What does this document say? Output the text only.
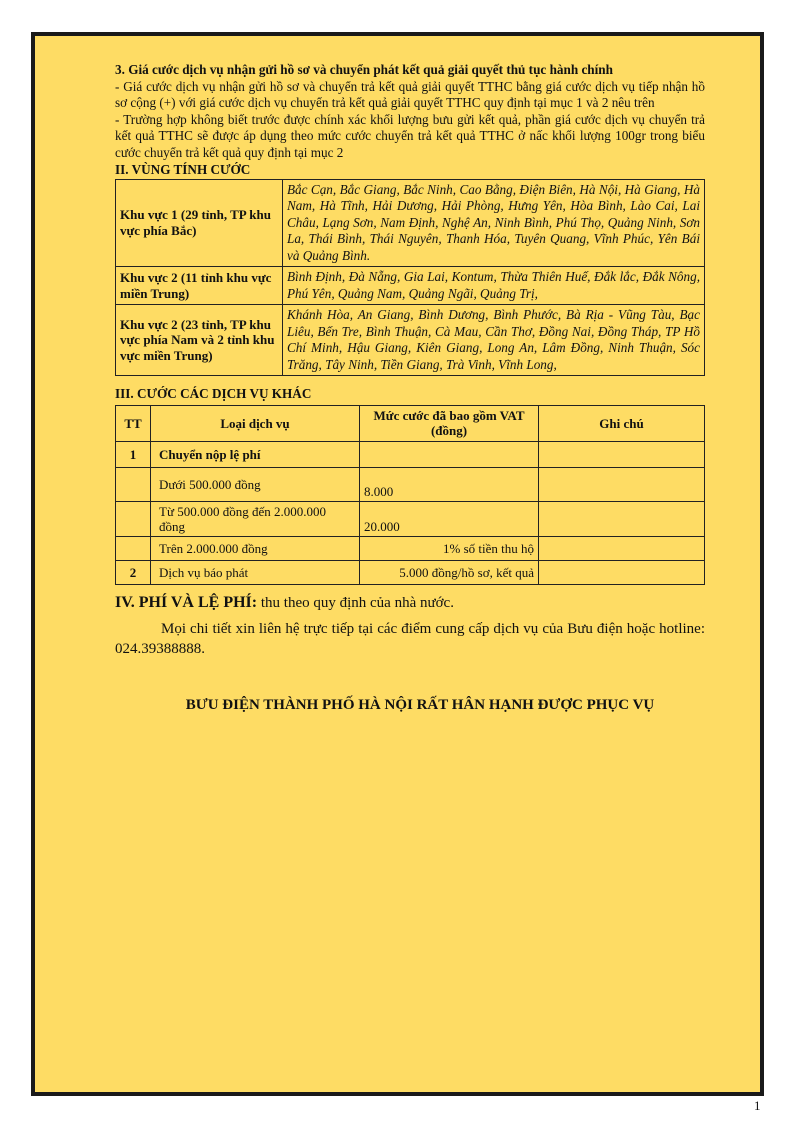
3. Giá cước dịch vụ nhận gửi hồ sơ và chuyển phát kết quả giải quyết thủ tục hành chính

- Giá cước dịch vụ nhận gửi hồ sơ và chuyển trả kết quả giải quyết TTHC bằng giá cước dịch vụ tiếp nhận hồ sơ cộng (+) với giá cước dịch vụ chuyển trả kết quả giải quyết TTHC quy định tại mục 1 và 2 nêu trên

- Trường hợp không biết trước được chính xác khối lượng bưu gửi kết quả, phần giá cước dịch vụ chuyển trả kết quả TTHC sẽ được áp dụng theo mức cước chuyển trả kết quả TTHC ở nấc khối lượng 100gr trong biểu cước chuyển trả kết quả quy định tại mục 2

II. VÙNG TÍNH CƯỚC

Khu vực 1 (29 tỉnh, TP khu vực phía Bắc)	Bắc Cạn, Bắc Giang, Bắc Ninh, Cao Bằng, Điện Biên, Hà Nội, Hà Giang, Hà Nam, Hà Tĩnh, Hải Dương, Hải Phòng, Hưng Yên, Hòa Bình, Lào Cai, Lai Châu, Lạng Sơn, Nam Định, Nghệ An, Ninh Bình, Phú Thọ, Quảng Ninh, Sơn La, Thái Bình, Thái Nguyên, Thanh Hóa, Tuyên Quang, Vĩnh Phúc, Yên Bái và Quảng Bình.
Khu vực 2 (11 tỉnh khu vực miền Trung)	Bình Định, Đà Nẵng, Gia Lai, Kontum, Thừa Thiên Huế, Đắk lắc, Đắk Nông, Phú Yên, Quảng Nam, Quảng Ngãi, Quảng Trị,
Khu vực 2 (23 tỉnh, TP khu vực phía Nam và 2 tỉnh khu vực miền Trung)	Khánh Hòa, An Giang, Bình Dương, Bình Phước, Bà Rịa - Vũng Tàu, Bạc Liêu, Bến Tre, Bình Thuận, Cà Mau, Cần Thơ, Đồng Nai, Đồng Tháp, TP Hồ Chí Minh, Hậu Giang, Kiên Giang, Long An, Lâm Đồng, Ninh Thuận, Sóc Trăng, Tây Ninh, Tiền Giang, Trà Vinh, Vĩnh Long,

III. CƯỚC CÁC DỊCH VỤ KHÁC

TT	Loại dịch vụ	Mức cước đã bao gồm VAT (đồng)	Ghi chú
1	Chuyển nộp lệ phí		
	Dưới 500.000 đồng	8.000	
	Từ 500.000 đồng đến 2.000.000 đồng	20.000	
	Trên 2.000.000 đồng	1% số tiền thu hộ	
2	Dịch vụ báo phát	5.000 đồng/hồ sơ, kết quả	

IV. PHÍ VÀ LỆ PHÍ: thu theo quy định của nhà nước.

Mọi chi tiết xin liên hệ trực tiếp tại các điểm cung cấp dịch vụ của Bưu điện hoặc hotline: 024.39388888.

BƯU ĐIỆN THÀNH PHỐ HÀ NỘI RẤT HÂN HẠNH ĐƯỢC PHỤC VỤ

1
